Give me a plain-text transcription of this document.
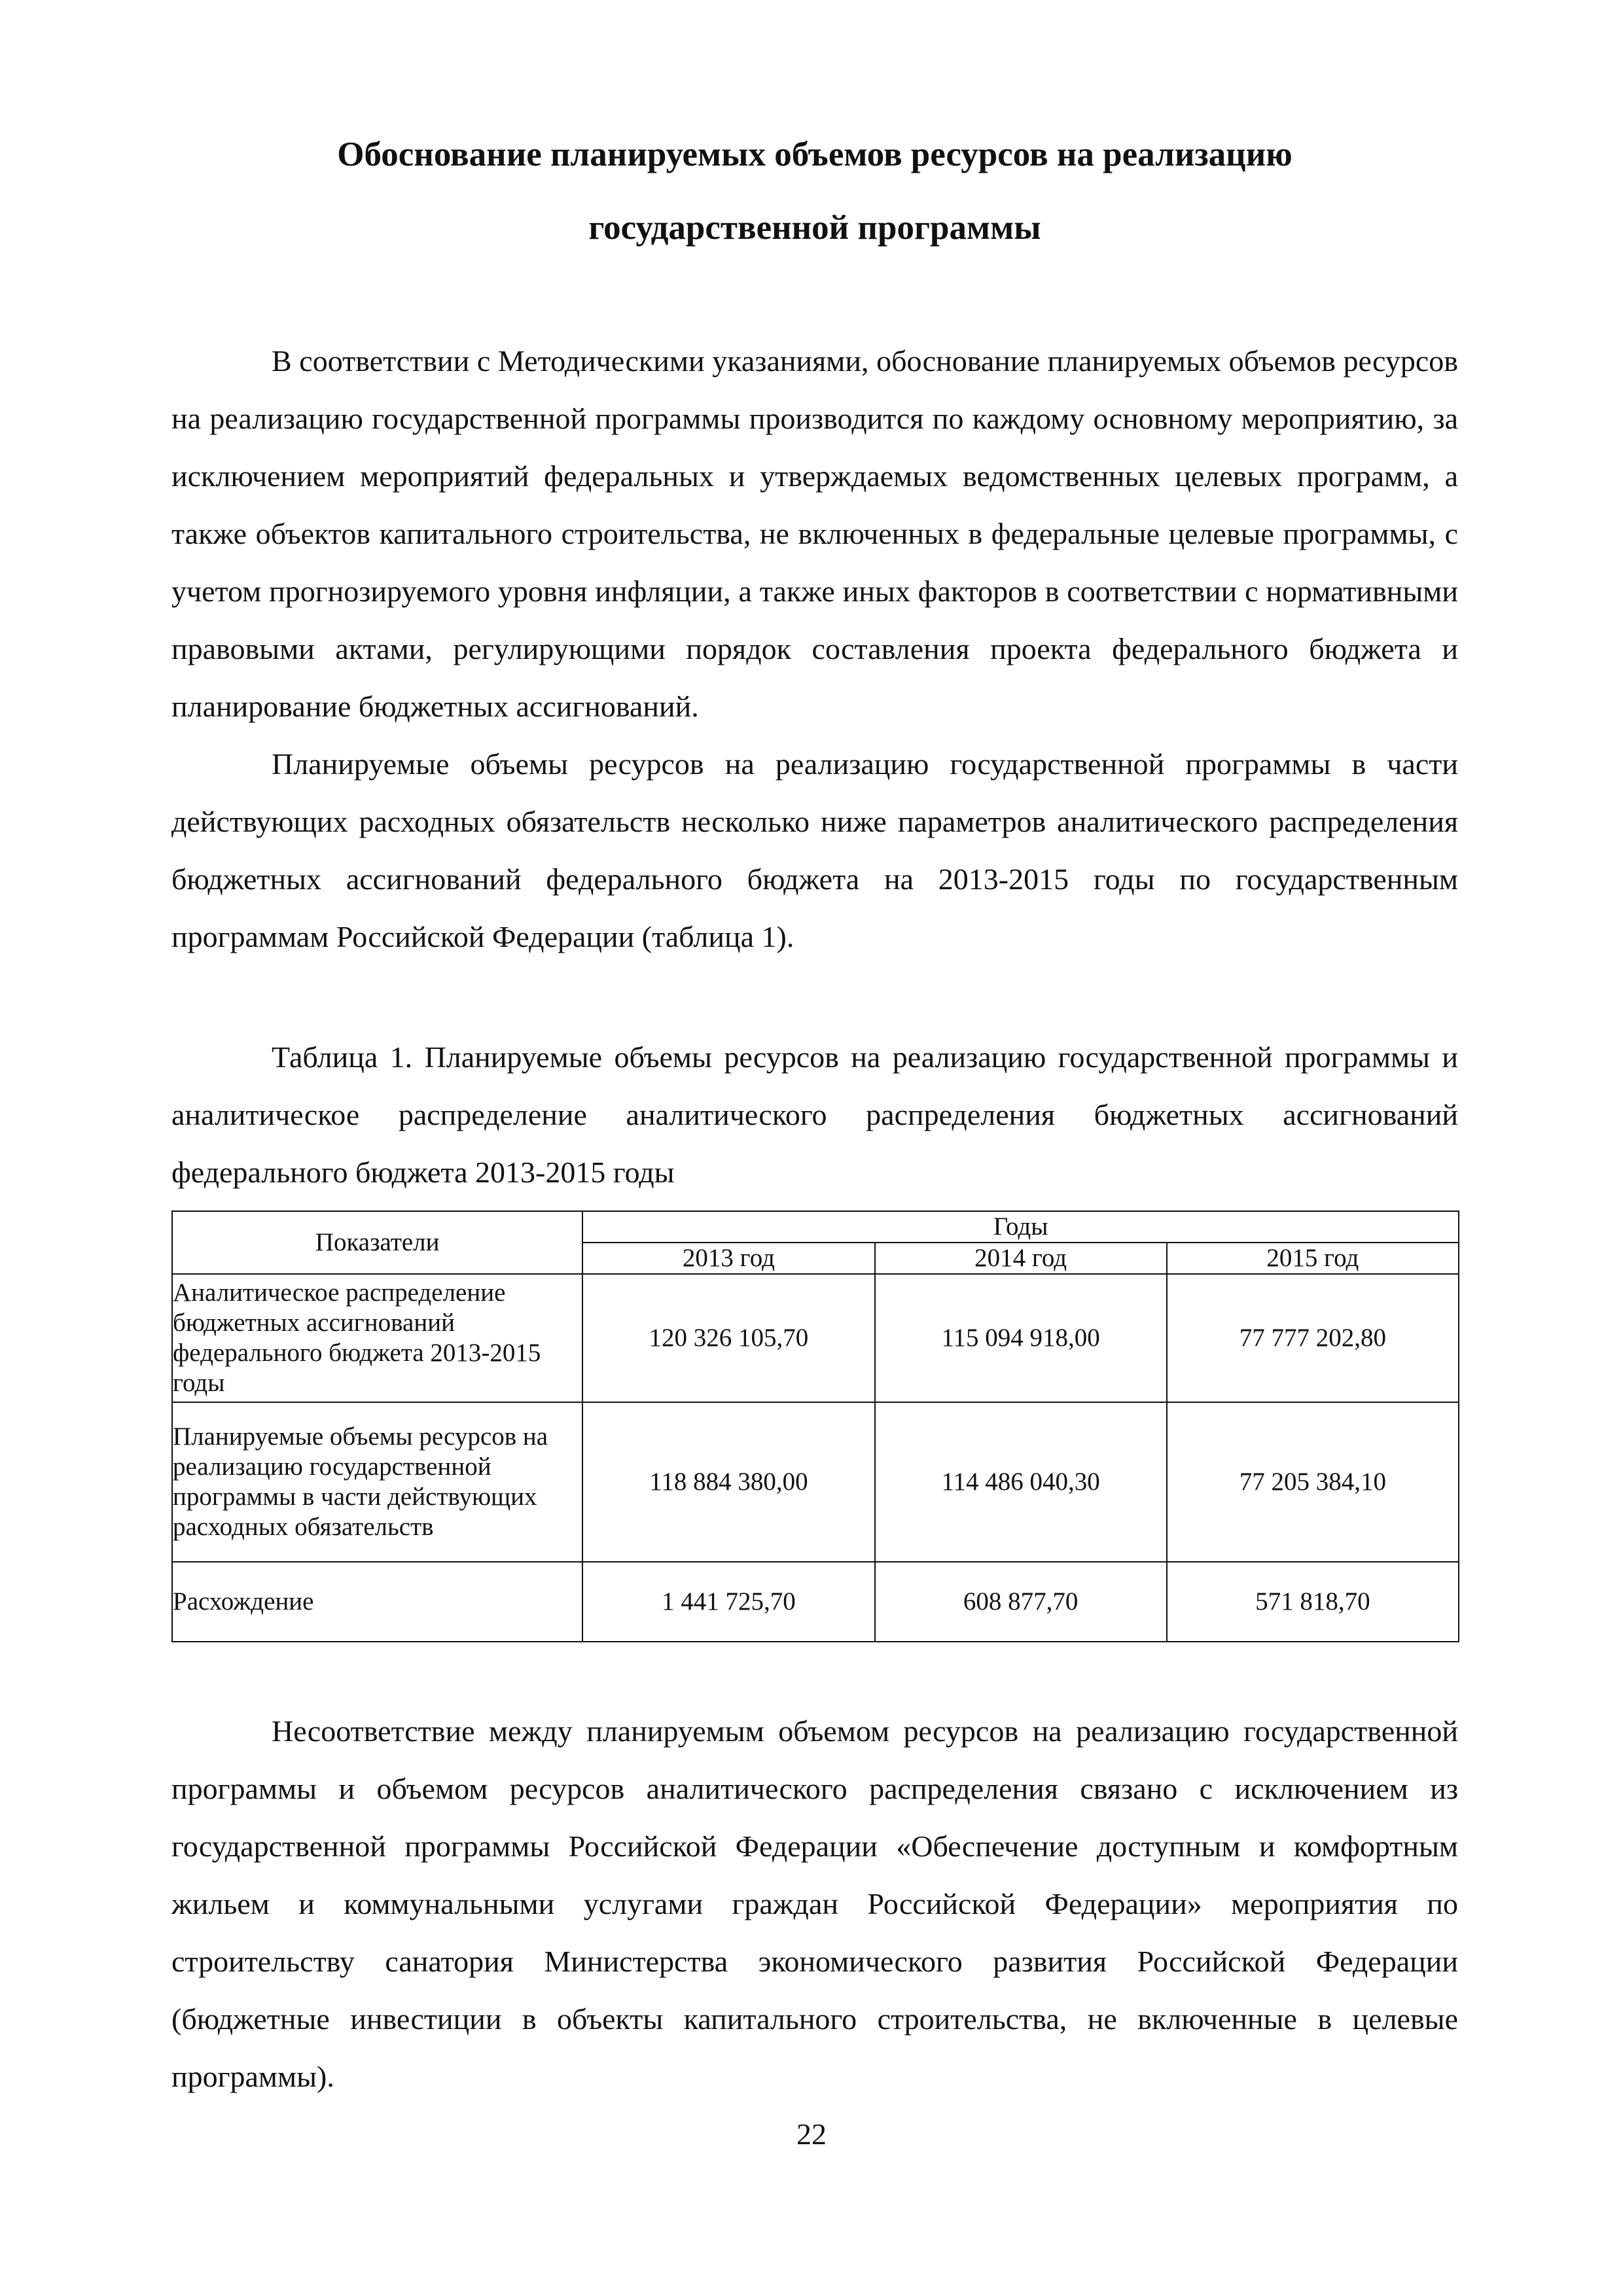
Обоснование планируемых объемов ресурсов на реализацию
государственной программы

В соответствии с Методическими указаниями, обоснование планируемых объемов ресурсов на реализацию государственной программы производится по каждому основному мероприятию, за исключением мероприятий федеральных и утверждаемых ведомственных целевых программ, а также объектов капитального строительства, не включенных в федеральные целевые программы, с учетом прогнозируемого уровня инфляции, а также иных факторов в соответствии с нормативными правовыми актами, регулирующими порядок составления проекта федерального бюджета и планирование бюджетных ассигнований.

Планируемые объемы ресурсов на реализацию государственной программы в части действующих расходных обязательств несколько ниже параметров аналитического распределения бюджетных ассигнований федерального бюджета на 2013-2015 годы по государственным программам Российской Федерации (таблица 1).

Таблица 1. Планируемые объемы ресурсов на реализацию государственной программы и аналитическое распределение аналитического распределения бюджетных ассигнований федерального бюджета 2013-2015 годы

Показатели	Годы		
	2013 год	2014 год	2015 год
Аналитическое распределение бюджетных ассигнований федерального бюджета 2013-2015 годы	120 326 105,70	115 094 918,00	77 777 202,80
Планируемые объемы ресурсов на реализацию государственной программы в части действующих расходных обязательств	118 884 380,00	114 486 040,30	77 205 384,10
Расхождение	1 441 725,70	608 877,70	571 818,70

Несоответствие между планируемым объемом ресурсов на реализацию государственной программы и объемом ресурсов аналитического распределения связано с исключением из государственной программы Российской Федерации «Обеспечение доступным и комфортным жильем и коммунальными услугами граждан Российской Федерации» мероприятия по строительству санатория Министерства экономического развития Российской Федерации (бюджетные инвестиции в объекты капитального строительства, не включенные в целевые программы).

22
